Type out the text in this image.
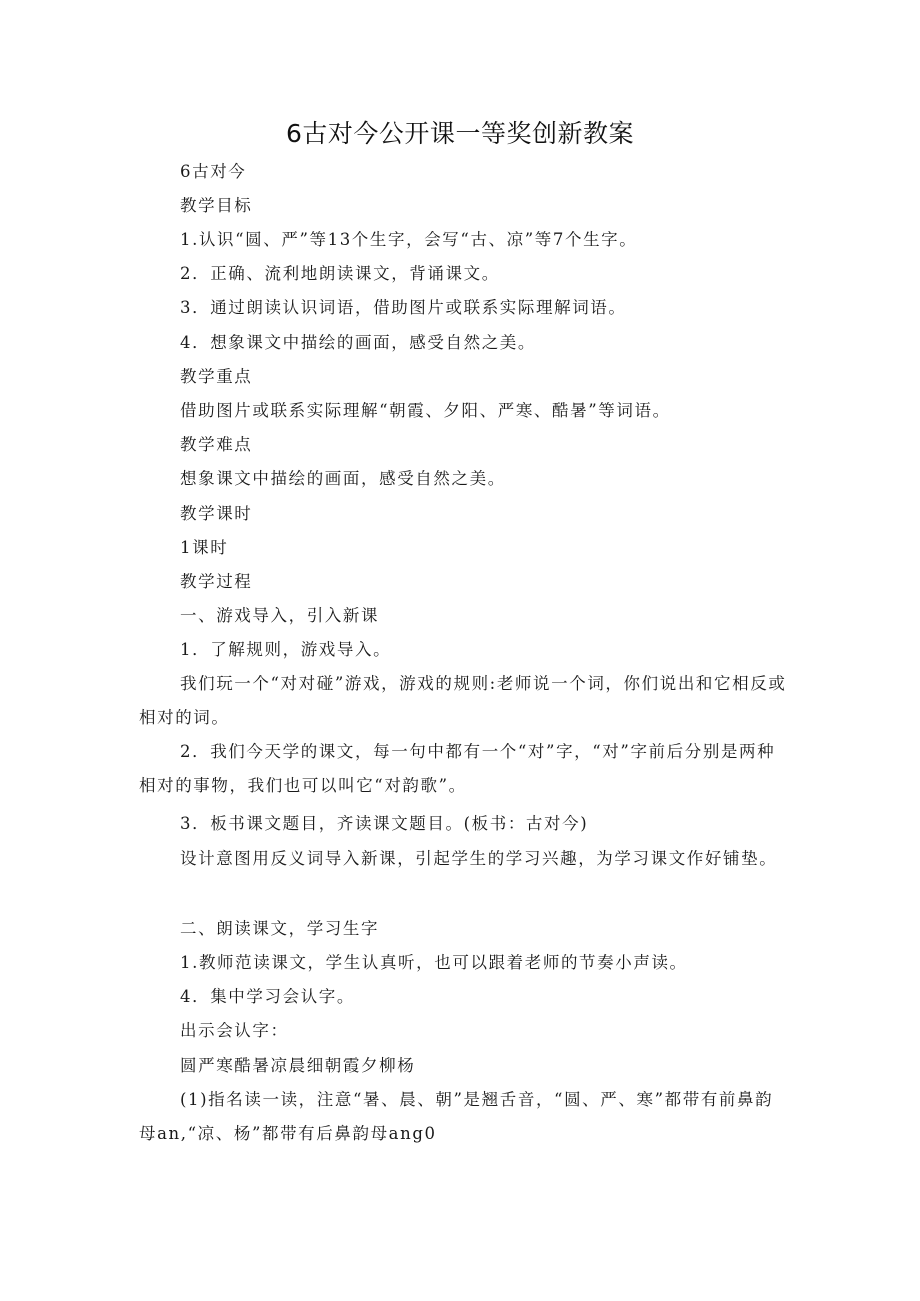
6古对今公开课一等奖创新教案
6古对今
教学目标
1.认识“圆、严”等13个生字，会写“古、凉”等7个生字。
2．正确、流利地朗读课文，背诵课文。
3．通过朗读认识词语，借助图片或联系实际理解词语。
4．想象课文中描绘的画面，感受自然之美。
教学重点
借助图片或联系实际理解“朝霞、夕阳、严寒、酷暑”等词语。
教学难点
想象课文中描绘的画面，感受自然之美。
教学课时
1课时
教学过程
一、游戏导入，引入新课
1．了解规则，游戏导入。
我们玩一个“对对碰”游戏，游戏的规则:老师说一个词，你们说出和它相反或相对的词。
2．我们今天学的课文，每一句中都有一个“对”字，“对”字前后分别是两种相对的事物，我们也可以叫它“对韵歌”。
3．板书课文题目，齐读课文题目。(板书：古对今)
设计意图用反义词导入新课，引起学生的学习兴趣，为学习课文作好铺垫。
二、朗读课文，学习生字
1.教师范读课文，学生认真听，也可以跟着老师的节奏小声读。
4．集中学习会认字。
出示会认字：
圆严寒酷暑凉晨细朝霞夕柳杨
(1)指名读一读，注意“暑、晨、朝”是翘舌音，“圆、严、寒”都带有前鼻韵母an,“凉、杨”都带有后鼻韵母ang0
